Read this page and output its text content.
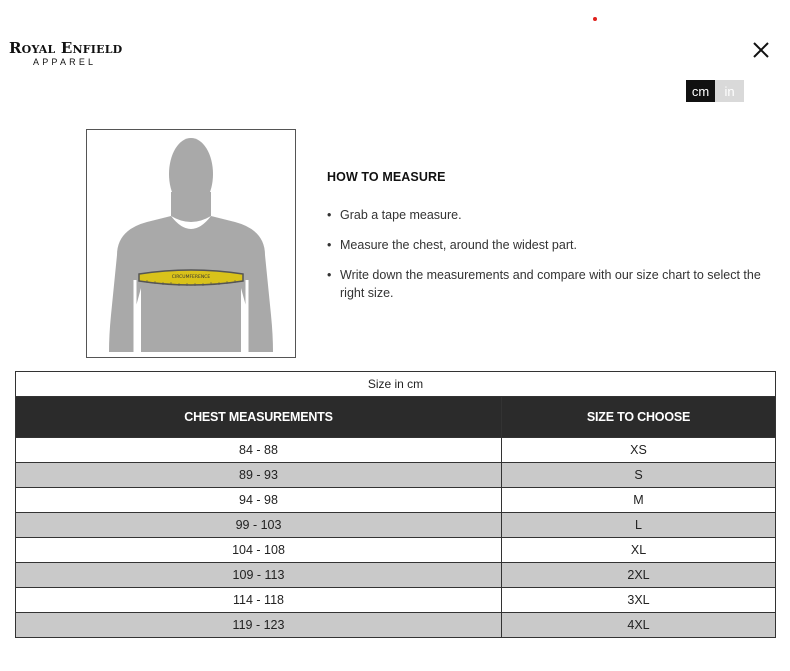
Royal Enfield
APPAREL
cm	in
CIRCUMFERENCE
HOW TO MEASURE
• Grab a tape measure.
• Measure the chest, around the widest part.
• Write down the measurements and compare with our size chart to select the right size.
Size in cm	
CHEST MEASUREMENTS	SIZE TO CHOOSE
84 - 88	XS
89 - 93	S
94 - 98	M
99 - 103	L
104 - 108	XL
109 - 113	2XL
114 - 118	3XL
119 - 123	4XL
